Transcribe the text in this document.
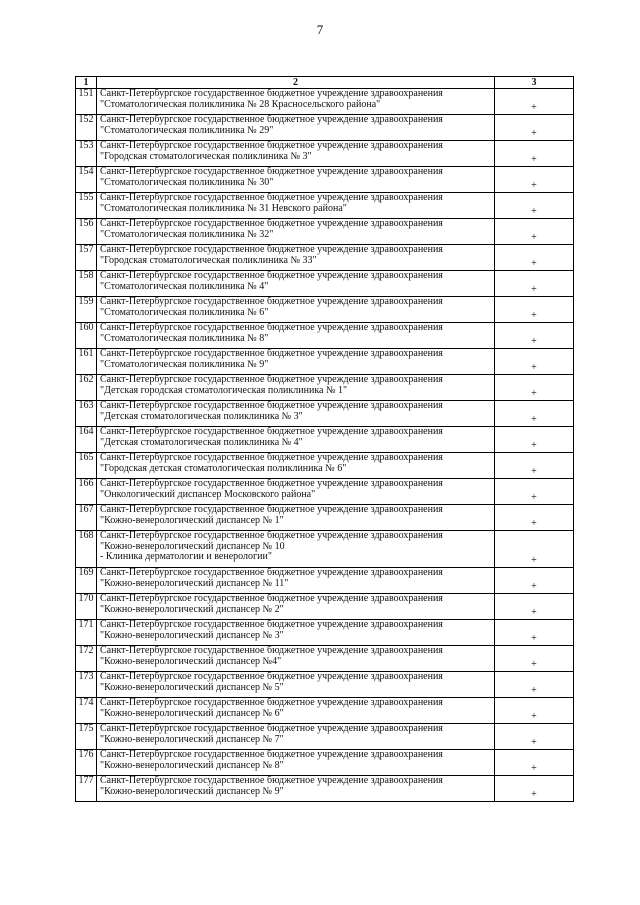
7
1	2	3
151	Санкт-Петербургское государственное бюджетное учреждение здравоохранения
"Стоматологическая поликлиника № 28 Красносельского района"	+
152	Санкт-Петербургское государственное бюджетное учреждение здравоохранения
"Стоматологическая поликлиника № 29"	+
153	Санкт-Петербургское государственное бюджетное учреждение здравоохранения
"Городская стоматологическая поликлиника № 3"	+
154	Санкт-Петербургское государственное бюджетное учреждение здравоохранения
"Стоматологическая поликлиника № 30"	+
155	Санкт-Петербургское государственное бюджетное учреждение здравоохранения
"Стоматологическая поликлиника № 31 Невского района"	+
156	Санкт-Петербургское государственное бюджетное учреждение здравоохранения
"Стоматологическая поликлиника № 32"	+
157	Санкт-Петербургское государственное бюджетное учреждение здравоохранения
"Городская стоматологическая поликлиника № 33"	+
158	Санкт-Петербургское государственное бюджетное учреждение здравоохранения
"Стоматологическая поликлиника № 4"	+
159	Санкт-Петербургское государственное бюджетное учреждение здравоохранения
"Стоматологическая поликлиника № 6"	+
160	Санкт-Петербургское государственное бюджетное учреждение здравоохранения
"Стоматологическая поликлиника № 8"	+
161	Санкт-Петербургское государственное бюджетное учреждение здравоохранения
"Стоматологическая поликлиника № 9"	+
162	Санкт-Петербургское государственное бюджетное учреждение здравоохранения
"Детская городская стоматологическая поликлиника № 1"	+
163	Санкт-Петербургское государственное бюджетное учреждение здравоохранения
"Детская стоматологическая поликлиника № 3"	+
164	Санкт-Петербургское государственное бюджетное учреждение здравоохранения
"Детская стоматологическая поликлиника № 4"	+
165	Санкт-Петербургское государственное бюджетное учреждение здравоохранения
"Городская детская стоматологическая поликлиника № 6"	+
166	Санкт-Петербургское государственное бюджетное учреждение здравоохранения
"Онкологический диспансер Московского района"	+
167	Санкт-Петербургское государственное бюджетное учреждение здравоохранения
"Кожно-венерологический диспансер № 1"	+
168	Санкт-Петербургское государственное бюджетное учреждение здравоохранения
"Кожно-венерологический диспансер № 10
- Клиника дерматологии и венерологии"	+
169	Санкт-Петербургское государственное бюджетное учреждение здравоохранения
"Кожно-венерологический диспансер № 11"	+
170	Санкт-Петербургское государственное бюджетное учреждение здравоохранения
"Кожно-венерологический диспансер № 2"	+
171	Санкт-Петербургское государственное бюджетное учреждение здравоохранения
"Кожно-венерологический диспансер № 3"	+
172	Санкт-Петербургское государственное бюджетное учреждение здравоохранения
"Кожно-венерологический диспансер №4"	+
173	Санкт-Петербургское государственное бюджетное учреждение здравоохранения
"Кожно-венерологический диспансер № 5"	+
174	Санкт-Петербургское государственное бюджетное учреждение здравоохранения
"Кожно-венерологический диспансер № 6"	+
175	Санкт-Петербургское государственное бюджетное учреждение здравоохранения
"Кожно-венерологический диспансер № 7"	+
176	Санкт-Петербургское государственное бюджетное учреждение здравоохранения
"Кожно-венерологический диспансер № 8"	+
177	Санкт-Петербургское государственное бюджетное учреждение здравоохранения
"Кожно-венерологический диспансер № 9"	+
